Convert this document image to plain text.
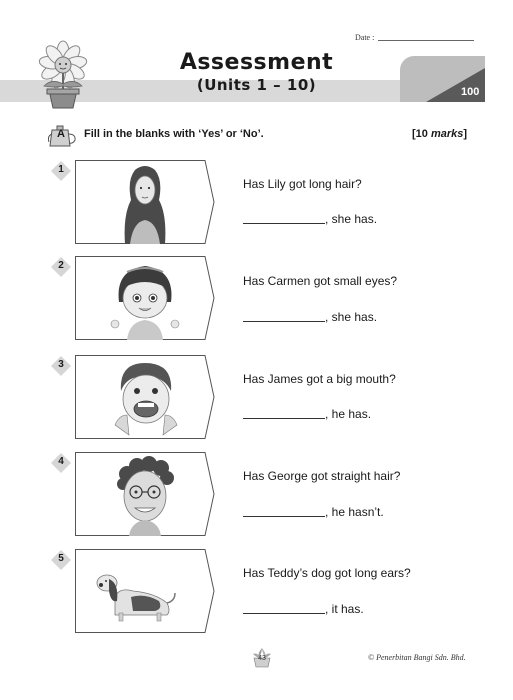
Date :
100
Assessment
(Units 1 – 10)
A Fill in the blanks with ‘Yes’ or ‘No’.	[10 marks]
1
Has Lily got long hair?
, she has.
2
Has Carmen got small eyes?
, she has.
3
Has James got a big mouth?
, he has.
4
Has George got straight hair?
, he hasn’t.
5
Has Teddy’s dog got long ears?
, it has.
43	© Penerbitan Bangi Sdn. Bhd.
